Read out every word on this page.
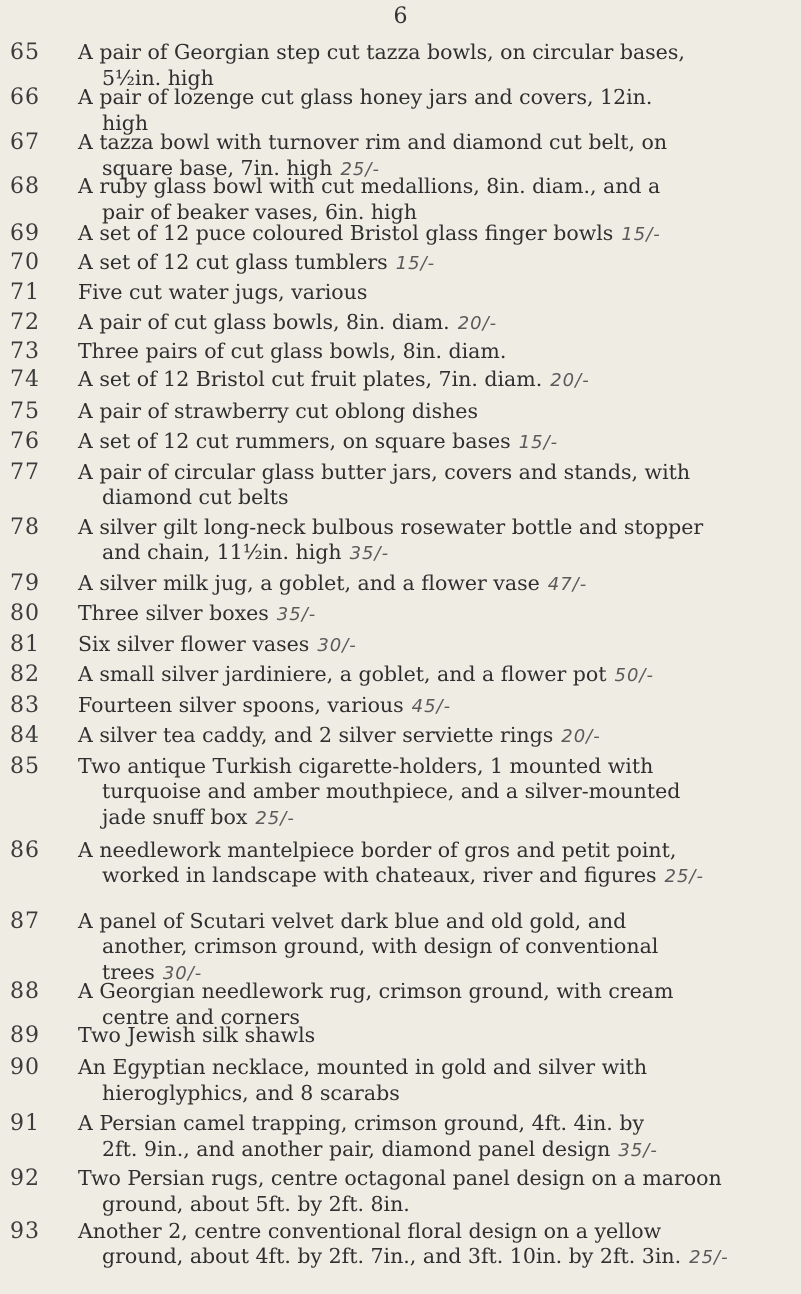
6
65	A pair of Georgian step cut tazza bowls, on circular bases,
5½in. high
66	A pair of lozenge cut glass honey jars and covers, 12in.
high
67	A tazza bowl with turnover rim and diamond cut belt, on
square base, 7in. high 25/-
68	A ruby glass bowl with cut medallions, 8in. diam., and a
pair of beaker vases, 6in. high
69	A set of 12 puce coloured Bristol glass finger bowls 15/-
70	A set of 12 cut glass tumblers 15/-
71	Five cut water jugs, various
72	A pair of cut glass bowls, 8in. diam. 20/-
73	Three pairs of cut glass bowls, 8in. diam.
74	A set of 12 Bristol cut fruit plates, 7in. diam. 20/-
75	A pair of strawberry cut oblong dishes
76	A set of 12 cut rummers, on square bases 15/-
77	A pair of circular glass butter jars, covers and stands, with
diamond cut belts
78	A silver gilt long-neck bulbous rosewater bottle and stopper
and chain, 11½in. high 35/-
79	A silver milk jug, a goblet, and a flower vase 47/-
80	Three silver boxes 35/-
81	Six silver flower vases 30/-
82	A small silver jardiniere, a goblet, and a flower pot 50/-
83	Fourteen silver spoons, various 45/-
84	A silver tea caddy, and 2 silver serviette rings 20/-
85	Two antique Turkish cigarette-holders, 1 mounted with
turquoise and amber mouthpiece, and a silver-mounted
jade snuff box 25/-
86	A needlework mantelpiece border of gros and petit point,
worked in landscape with chateaux, river and figures 25/-
87	A panel of Scutari velvet dark blue and old gold, and
another, crimson ground, with design of conventional
trees 30/-
88	A Georgian needlework rug, crimson ground, with cream
centre and corners
89	Two Jewish silk shawls
90	An Egyptian necklace, mounted in gold and silver with
hieroglyphics, and 8 scarabs
91	A Persian camel trapping, crimson ground, 4ft. 4in. by
2ft. 9in., and another pair, diamond panel design 35/-
92	Two Persian rugs, centre octagonal panel design on a maroon
ground, about 5ft. by 2ft. 8in.
93	Another 2, centre conventional floral design on a yellow
ground, about 4ft. by 2ft. 7in., and 3ft. 10in. by 2ft. 3in. 25/-
